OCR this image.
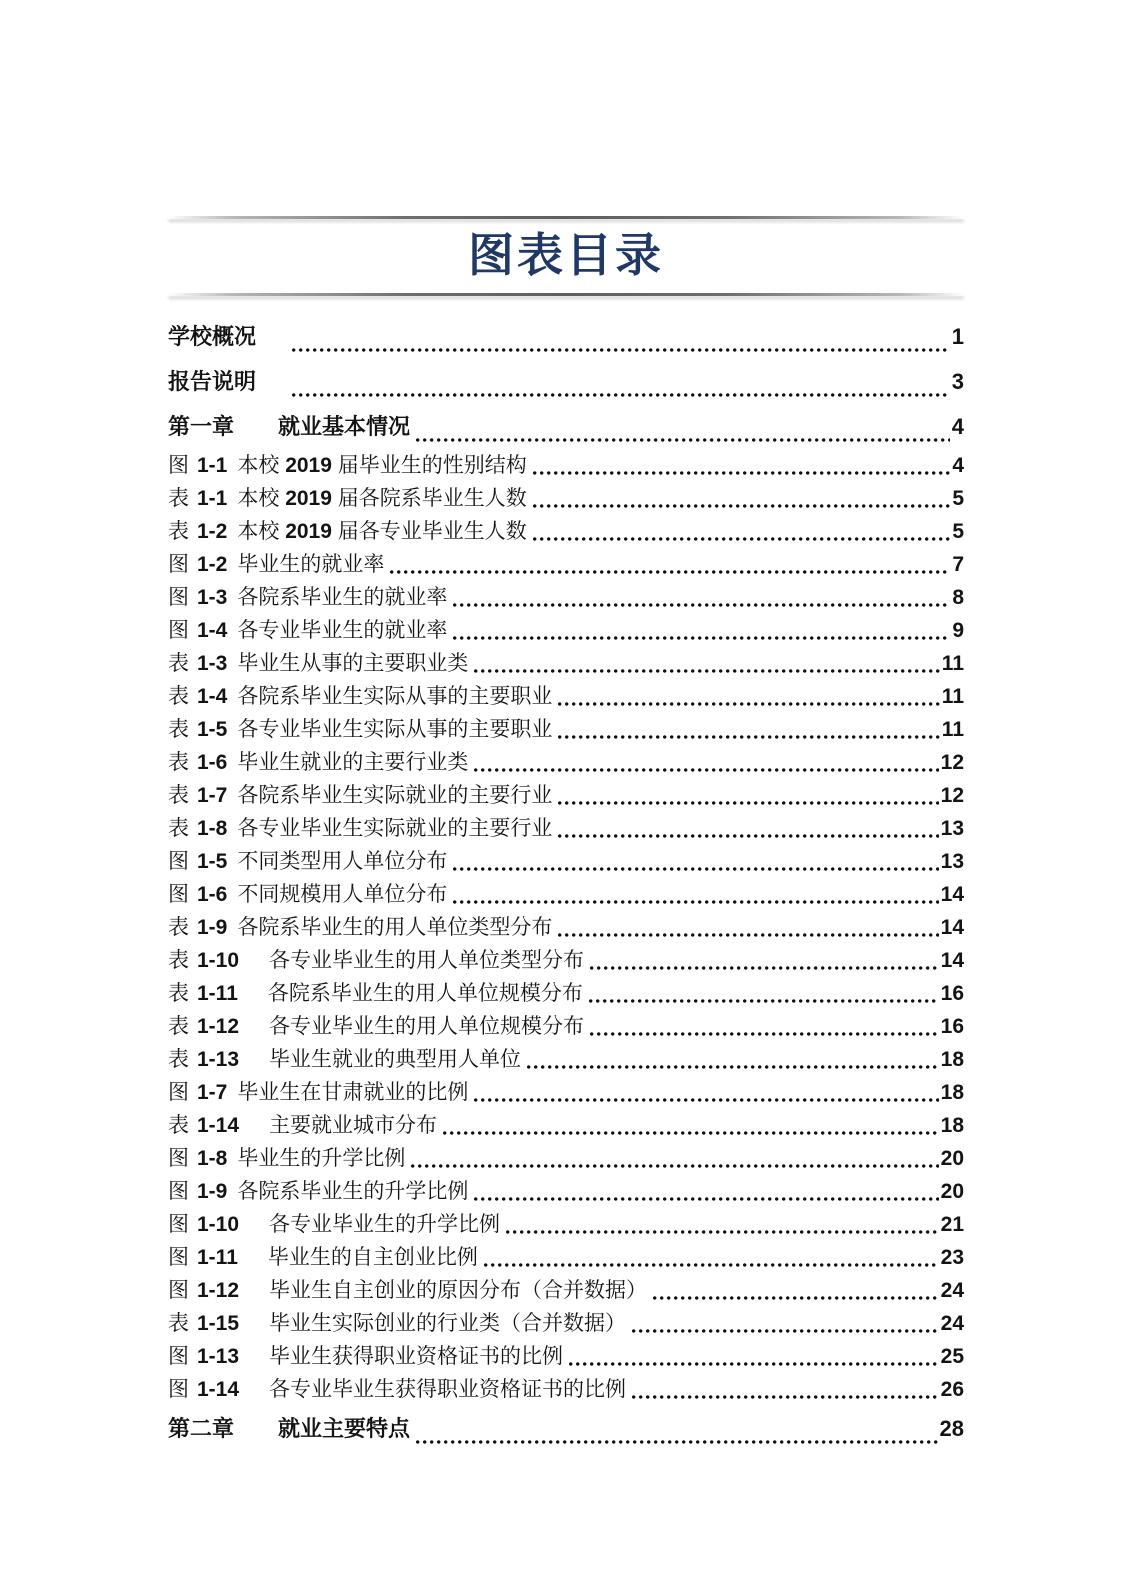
图表目录
学校概况	1
报告说明	3
第一章 就业基本情况	4
图 1-1 本校 2019 届毕业生的性别结构	4
表 1-1 本校 2019 届各院系毕业生人数	5
表 1-2 本校 2019 届各专业毕业生人数	5
图 1-2 毕业生的就业率	7
图 1-3 各院系毕业生的就业率	8
图 1-4 各专业毕业生的就业率	9
表 1-3 毕业生从事的主要职业类	11
表 1-4 各院系毕业生实际从事的主要职业	11
表 1-5 各专业毕业生实际从事的主要职业	11
表 1-6 毕业生就业的主要行业类	12
表 1-7 各院系毕业生实际就业的主要行业	12
表 1-8 各专业毕业生实际就业的主要行业	13
图 1-5 不同类型用人单位分布	13
图 1-6 不同规模用人单位分布	14
表 1-9 各院系毕业生的用人单位类型分布	14
表 1-10 各专业毕业生的用人单位类型分布	14
表 1-11 各院系毕业生的用人单位规模分布	16
表 1-12 各专业毕业生的用人单位规模分布	16
表 1-13 毕业生就业的典型用人单位	18
图 1-7 毕业生在甘肃就业的比例	18
表 1-14 主要就业城市分布	18
图 1-8 毕业生的升学比例	20
图 1-9 各院系毕业生的升学比例	20
图 1-10 各专业毕业生的升学比例	21
图 1-11 毕业生的自主创业比例	23
图 1-12 毕业生自主创业的原因分布（合并数据）	24
表 1-15 毕业生实际创业的行业类（合并数据）	24
图 1-13 毕业生获得职业资格证书的比例	25
图 1-14 各专业毕业生获得职业资格证书的比例	26
第二章 就业主要特点	28
